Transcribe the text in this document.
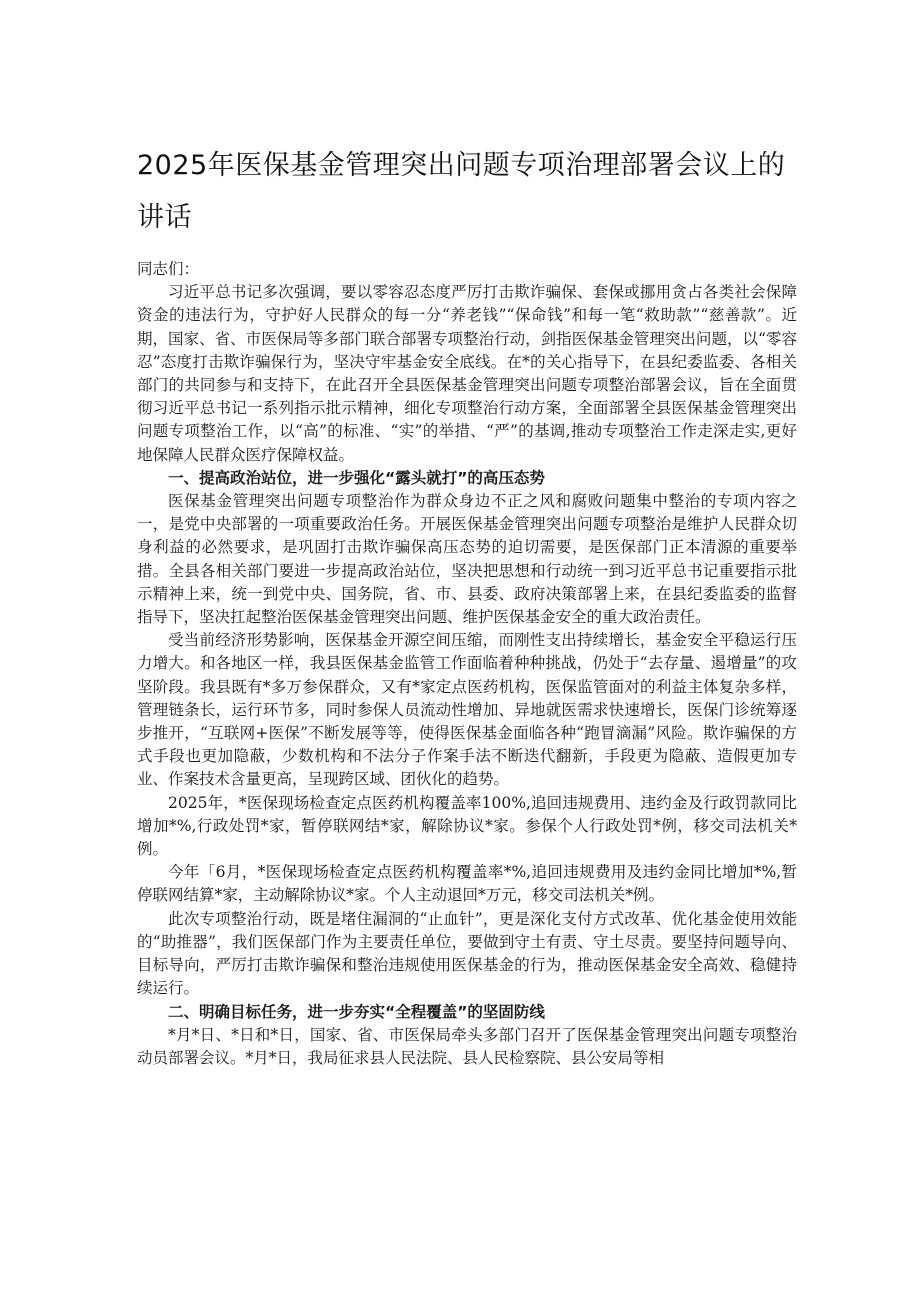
2025年医保基金管理突出问题专项治理部署会议上的讲话

同志们：

习近平总书记多次强调，要以零容忍态度严厉打击欺诈骗保、套保或挪用贪占各类社会保障资金的违法行为，守护好人民群众的每一分“养老钱”“保命钱”和每一笔“救助款”“慈善款”。近期，国家、省、市医保局等多部门联合部署专项整治行动，剑指医保基金管理突出问题，以“零容忍”态度打击欺诈骗保行为，坚决守牢基金安全底线。在*的关心指导下，在县纪委监委、各相关部门的共同参与和支持下，在此召开全县医保基金管理突出问题专项整治部署会议，旨在全面贯彻习近平总书记一系列指示批示精神，细化专项整治行动方案，全面部署全县医保基金管理突出问题专项整治工作，以“高”的标准、“实”的举措、“严”的基调,推动专项整治工作走深走实,更好地保障人民群众医疗保障权益。

一、提高政治站位，进一步强化“露头就打”的高压态势

医保基金管理突出问题专项整治作为群众身边不正之风和腐败问题集中整治的专项内容之一，是党中央部署的一项重要政治任务。开展医保基金管理突出问题专项整治是维护人民群众切身利益的必然要求，是巩固打击欺诈骗保高压态势的迫切需要，是医保部门正本清源的重要举措。全县各相关部门要进一步提高政治站位，坚决把思想和行动统一到习近平总书记重要指示批示精神上来，统一到党中央、国务院，省、市、县委、政府决策部署上来，在县纪委监委的监督指导下，坚决扛起整治医保基金管理突出问题、维护医保基金安全的重大政治责任。

受当前经济形势影响，医保基金开源空间压缩，而刚性支出持续增长，基金安全平稳运行压力增大。和各地区一样，我县医保基金监管工作面临着种种挑战，仍处于“去存量、遏增量”的攻坚阶段。我县既有*多万参保群众，又有*家定点医药机构，医保监管面对的利益主体复杂多样，管理链条长，运行环节多，同时参保人员流动性增加、异地就医需求快速增长，医保门诊统筹逐步推开，“互联网+医保”不断发展等等，使得医保基金面临各种“跑冒滴漏”风险。欺诈骗保的方式手段也更加隐蔽，少数机构和不法分子作案手法不断迭代翻新，手段更为隐蔽、造假更加专业、作案技术含量更高，呈现跨区域、团伙化的趋势。

2025年，*医保现场检查定点医药机构覆盖率100%,追回违规费用、违约金及行政罚款同比增加*%,行政处罚*家，暂停联网结*家，解除协议*家。参保个人行政处罚*例，移交司法机关*例。

今年「6月，*医保现场检查定点医药机构覆盖率*%,追回违规费用及违约金同比增加*%,暂停联网结算*家，主动解除协议*家。个人主动退回*万元，移交司法机关*例。

此次专项整治行动，既是堵住漏洞的“止血针”，更是深化支付方式改革、优化基金使用效能的“助推器”，我们医保部门作为主要责任单位，要做到守土有责、守土尽责。要坚持问题导向、目标导向，严厉打击欺诈骗保和整治违规使用医保基金的行为，推动医保基金安全高效、稳健持续运行。

二、明确目标任务，进一步夯实“全程覆盖”的坚固防线

*月*日、*日和*日，国家、省、市医保局牵头多部门召开了医保基金管理突出问题专项整治动员部署会议。*月*日，我局征求县人民法院、县人民检察院、县公安局等相
